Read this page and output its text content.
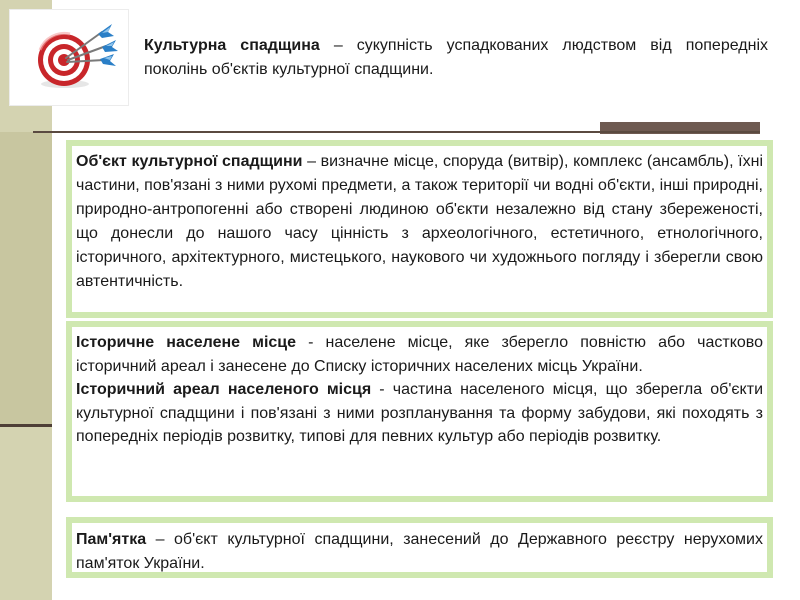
Культурна спадщина – сукупність успадкованих людством від попередніх поколінь об'єктів культурної спадщини.

Об'єкт культурної спадщини – визначне місце, споруда (витвір), комплекс (ансамбль), їхні частини, пов'язані з ними рухомі предмети, а також території чи водні об'єкти, інші природні, природно-антропогенні або створені людиною об'єкти незалежно від стану збереженості, що донесли до нашого часу цінність з археологічного, естетичного, етнологічного, історичного, архітектурного, мистецького, наукового чи художнього погляду і зберегли свою автентичність.

Історичне населене місце - населене місце, яке зберегло повністю або частково історичний ареал і занесене до Списку історичних населених місць України.
Історичний ареал населеного місця - частина населеного місця, що зберегла об'єкти культурної спадщини і пов'язані з ними розпланування та форму забудови, які походять з попередніх періодів розвитку, типові для певних культур або періодів розвитку.

Пам'ятка – об'єкт культурної спадщини, занесений до Державного реєстру нерухомих пам'яток України.
